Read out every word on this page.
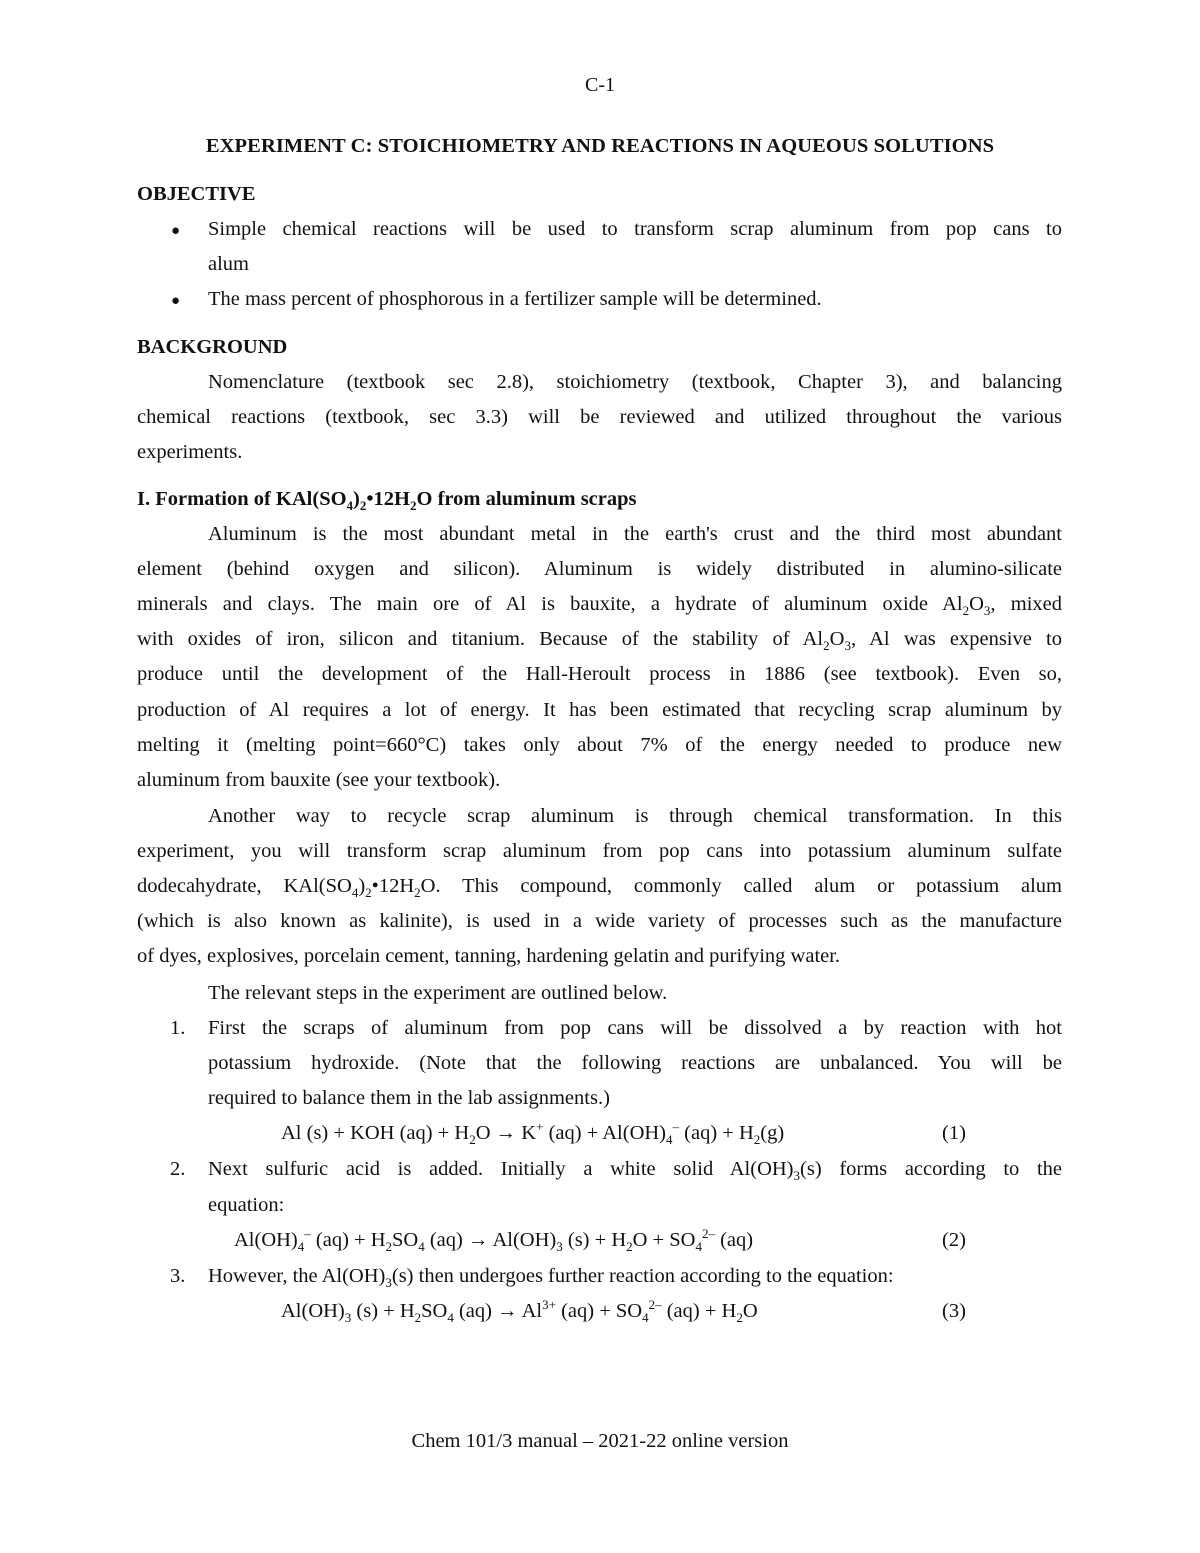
C-1
EXPERIMENT C: STOICHIOMETRY AND REACTIONS IN AQUEOUS SOLUTIONS
OBJECTIVE
● Simple chemical reactions will be used to transform scrap aluminum from pop cans to
alum
● The mass percent of phosphorous in a fertilizer sample will be determined.
BACKGROUND
Nomenclature (textbook sec 2.8), stoichiometry (textbook, Chapter 3), and balancing
chemical reactions (textbook, sec 3.3) will be reviewed and utilized throughout the various
experiments.
I. Formation of $KAl(SO_4)_2•12H_2O$ from aluminum scraps
Aluminum is the most abundant metal in the earth's crust and the third most abundant
element (behind oxygen and silicon). Aluminum is widely distributed in alumino-silicate
minerals and clays. The main ore of Al is bauxite, a hydrate of aluminum oxide $Al_2O_3$, mixed
with oxides of iron, silicon and titanium. Because of the stability of $Al_2O_3$, Al was expensive to
produce until the development of the Hall-Heroult process in 1886 (see textbook). Even so,
production of Al requires a lot of energy. It has been estimated that recycling scrap aluminum by
melting it (melting point=660°C) takes only about 7% of the energy needed to produce new
aluminum from bauxite (see your textbook).
Another way to recycle scrap aluminum is through chemical transformation. In this
experiment, you will transform scrap aluminum from pop cans into potassium aluminum sulfate
dodecahydrate, $KAl(SO_4)_2•12H_2O$. This compound, commonly called alum or potassium alum
(which is also known as kalinite), is used in a wide variety of processes such as the manufacture
of dyes, explosives, porcelain cement, tanning, hardening gelatin and purifying water.
The relevant steps in the experiment are outlined below.
1. First the scraps of aluminum from pop cans will be dissolved a by reaction with hot
potassium hydroxide. (Note that the following reactions are unbalanced. You will be
required to balance them in the lab assignments.)
Al (s) + KOH $(aq) + H_2O \to K^+$ $(aq) + Al(OH)_4^-$ $(aq) + H_2(g)$	(1)
2. Next sulfuric acid is added. Initially a white solid $Al(OH)_3(s)$ forms according to the
equation:
$Al(OH)_4^-$ $(aq) + H_2SO_4$ $(aq) \to Al(OH)_3$ $(s) + H_2O + SO_4^{2-}$ (aq)	(2)
3. However, the $Al(OH)_3(s)$ then undergoes further reaction according to the equation:
$Al(OH)_3$ $(s) + H_2SO_4$ $(aq) \to Al^{3+}$ $(aq) + SO_4^{2-}$ $(aq) + H_2O$	(3)
Chem 101/3 manual – 2021-22 online version
